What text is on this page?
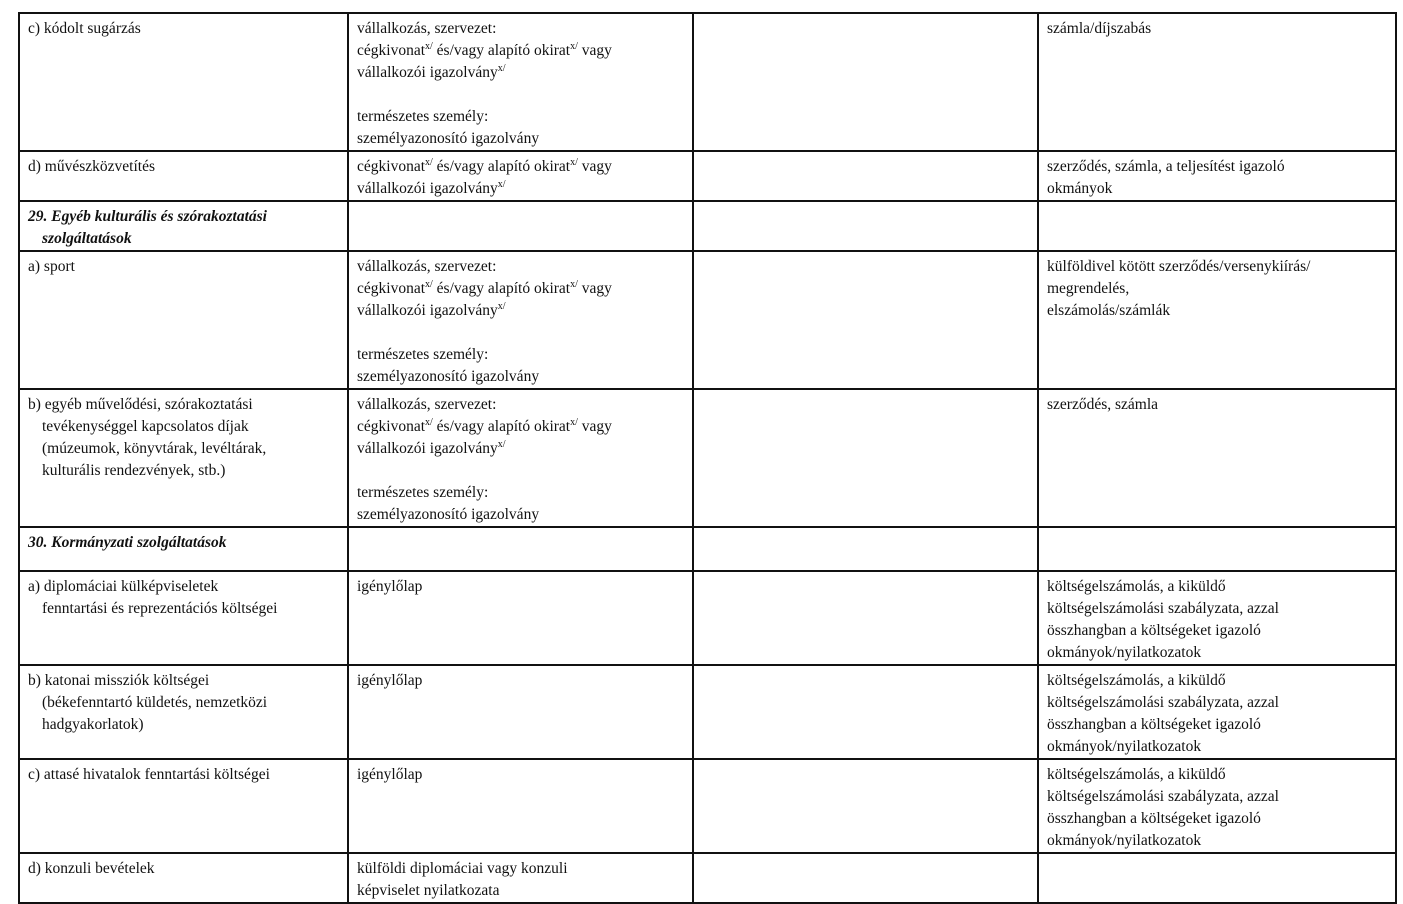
c) kódolt sugárzás	vállalkozás, szervezet:
cégkivonat$^{x/}$ és/vagy alapító okirat$^{x/}$ vagy
vállalkozói igazolvány$^{x/}$
természetes személy:
személyazonosító igazolvány		számla/díjszabás

d) művészközvetítés	cégkivonat$^{x/}$ és/vagy alapító okirat$^{x/}$ vagy
vállalkozói igazolvány$^{x/}$		szerződés, számla, a teljesítést igazoló
okmányok

29. Egyéb kulturális és szórakoztatási
szolgáltatások			

a) sport	vállalkozás, szervezet:
cégkivonat$^{x/}$ és/vagy alapító okirat$^{x/}$ vagy
vállalkozói igazolvány$^{x/}$
természetes személy:
személyazonosító igazolvány		külföldivel kötött szerződés/versenykiírás/
megrendelés,
elszámolás/számlák

b) egyéb művelődési, szórakoztatási
tevékenységgel kapcsolatos díjak
(múzeumok, könyvtárak, levéltárak,
kulturális rendezvények, stb.)	vállalkozás, szervezet:
cégkivonat$^{x/}$ és/vagy alapító okirat$^{x/}$ vagy
vállalkozói igazolvány$^{x/}$
természetes személy:
személyazonosító igazolvány		szerződés, számla

30. Kormányzati szolgáltatások			

a) diplomáciai külképviseletek
fenntartási és reprezentációs költségei	igénylőlap		költségelszámolás, a kiküldő
költségelszámolási szabályzata, azzal
összhangban a költségeket igazoló
okmányok/nyilatkozatok

b) katonai missziók költségei
(békefenntartó küldetés, nemzetközi
hadgyakorlatok)	igénylőlap		költségelszámolás, a kiküldő
költségelszámolási szabályzata, azzal
összhangban a költségeket igazoló
okmányok/nyilatkozatok

c) attasé hivatalok fenntartási költségei	igénylőlap		költségelszámolás, a kiküldő
költségelszámolási szabályzata, azzal
összhangban a költségeket igazoló
okmányok/nyilatkozatok

d) konzuli bevételek	külföldi diplomáciai vagy konzuli
képviselet nyilatkozata		
